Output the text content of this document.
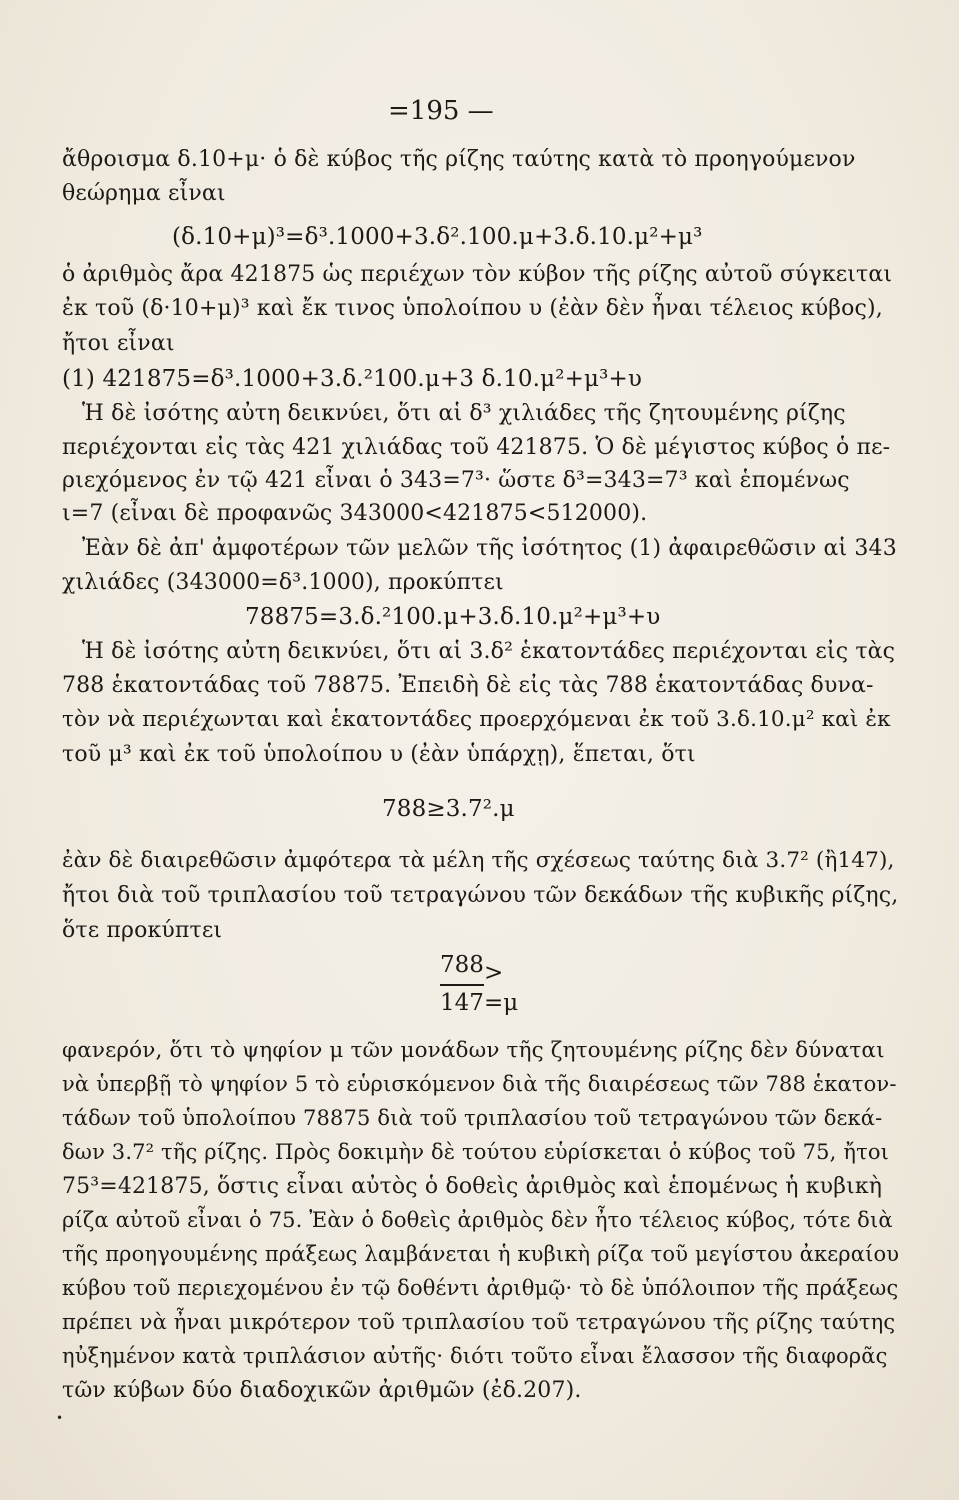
=195 —
ἄθροισμα δ.10+μ· ὁ δὲ κύβος τῆς ρίζης ταύτης κατὰ τὸ προηγούμενον
θεώρημα εἶναι
(δ.10+μ)³=δ³.1000+3.δ².100.μ+3.δ.10.μ²+μ³
ὁ ἀριθμὸς ἄρα 421875 ὡς περιέχων τὸν κύβον τῆς ρίζης αὐτοῦ σύγκειται
ἐκ τοῦ (δ·10+μ)³ καὶ ἔκ τινος ὑπολοίπου υ (ἐὰν δὲν ἦναι τέλειος κύβος),
ἤτοι εἶναι
(1) 421875=δ³.1000+3.δ.²100.μ+3 δ.10.μ²+μ³+υ
Ἡ δὲ ἰσότης αὐτη δεικνύει, ὅτι αἱ δ³ χιλιάδες τῆς ζητουμένης ρίζης
περιέχονται εἰς τὰς 421 χιλιάδας τοῦ 421875. Ὁ δὲ μέγιστος κύβος ὁ πε-
ριεχόμενος ἐν τῷ 421 εἶναι ὁ 343=7³· ὥστε δ³=343=7³ καὶ ἑπομένως
ι=7 (εἶναι δὲ προφανῶς 343000<421875<512000).
Ἐὰν δὲ ἀπ' ἀμφοτέρων τῶν μελῶν τῆς ἰσότητος (1) ἀφαιρεθῶσιν αἱ 343
χιλιάδες (343000=δ³.1000), προκύπτει
78875=3.δ.²100.μ+3.δ.10.μ²+μ³+υ
Ἡ δὲ ἰσότης αὐτη δεικνύει, ὅτι αἱ 3.δ² ἑκατοντάδες περιέχονται εἰς τὰς
788 ἑκατοντάδας τοῦ 78875. Ἐπειδὴ δὲ εἰς τὰς 788 ἑκατοντάδας δυνα-
τὸν νὰ περιέχωνται καὶ ἑκατοντάδες προερχόμεναι ἐκ τοῦ 3.δ.10.μ² καὶ ἐκ
τοῦ μ³ καὶ ἐκ τοῦ ὑπολοίπου υ (ἐὰν ὑπάρχῃ), ἕπεται, ὅτι
788≥3.7².μ
ἐὰν δὲ διαιρεθῶσιν ἀμφότερα τὰ μέλη τῆς σχέσεως ταύτης διὰ 3.7² (ἢ147),
ἤτοι διὰ τοῦ τριπλασίου τοῦ τετραγώνου τῶν δεκάδων τῆς κυβικῆς ρίζης,
ὅτε προκύπτει
788 >
147 =μ
φανερόν, ὅτι τὸ ψηφίον μ τῶν μονάδων τῆς ζητουμένης ρίζης δὲν δύναται
νὰ ὑπερβῇ τὸ ψηφίον 5 τὸ εὑρισκόμενον διὰ τῆς διαιρέσεως τῶν 788 ἑκατον-
τάδων τοῦ ὑπολοίπου 78875 διὰ τοῦ τριπλασίου τοῦ τετραγώνου τῶν δεκά-
δων 3.7² τῆς ρίζης. Πρὸς δοκιμὴν δὲ τούτου εὑρίσκεται ὁ κύβος τοῦ 75, ἤτοι
75³=421875, ὅστις εἶναι αὐτὸς ὁ δοθεὶς ἀριθμὸς καὶ ἑπομένως ἡ κυβικὴ
ρίζα αὐτοῦ εἶναι ὁ 75. Ἐὰν ὁ δοθεὶς ἀριθμὸς δὲν ἦτο τέλειος κύβος, τότε διὰ
τῆς προηγουμένης πράξεως λαμβάνεται ἡ κυβικὴ ρίζα τοῦ μεγίστου ἀκεραίου
κύβου τοῦ περιεχομένου ἐν τῷ δοθέντι ἀριθμῷ· τὸ δὲ ὑπόλοιπον τῆς πράξεως
πρέπει νὰ ἦναι μικρότερον τοῦ τριπλασίου τοῦ τετραγώνου τῆς ρίζης ταύτης
ηὐξημένον κατὰ τριπλάσιον αὐτῆς· διότι τοῦτο εἶναι ἔλασσον τῆς διαφορᾶς
τῶν κύβων δύο διαδοχικῶν ἀριθμῶν (ἐδ.207).
•
